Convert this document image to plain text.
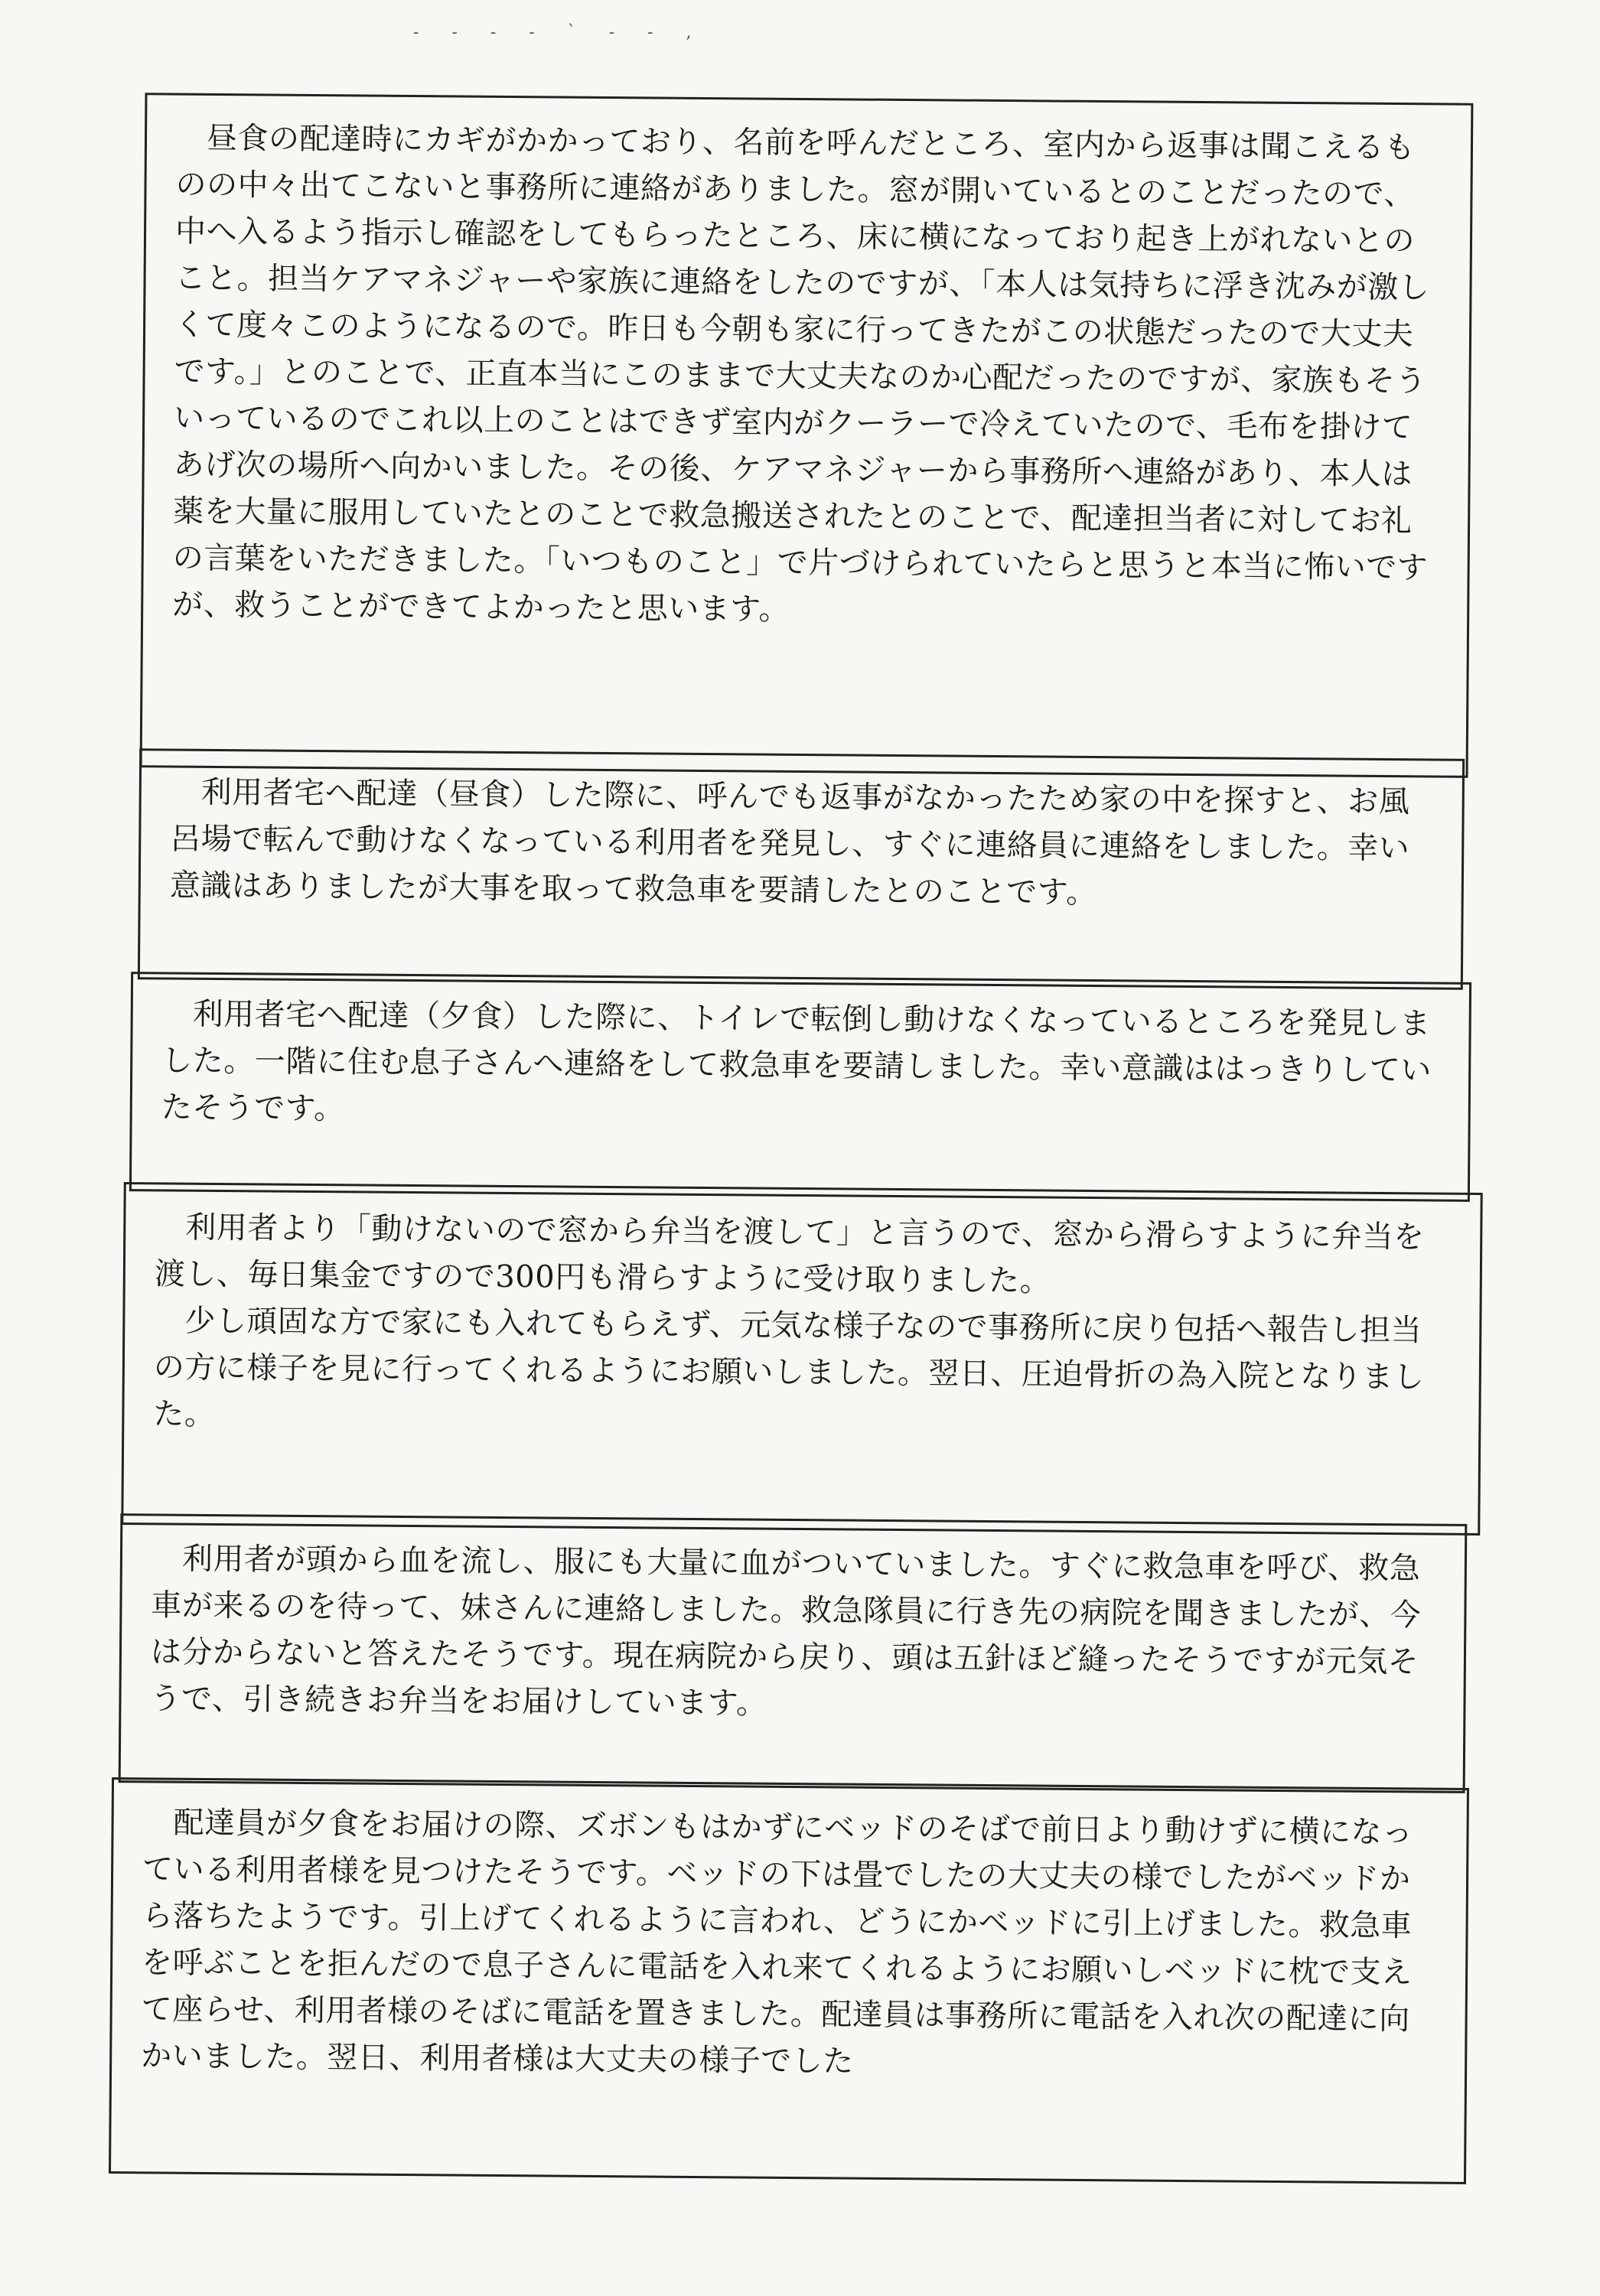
- - - - ` - - ,

昼食の配達時にカギがかかっており、名前を呼んだところ、室内から返事は聞こえるものの中々出てこないと事務所に連絡がありました。窓が開いているとのことだったので、中へ入るよう指示し確認をしてもらったところ、床に横になっており起き上がれないとのこと。担当ケアマネジャーや家族に連絡をしたのですが、「本人は気持ちに浮き沈みが激しくて度々このようになるので。昨日も今朝も家に行ってきたがこの状態だったので大丈夫です。」とのことで、正直本当にこのままで大丈夫なのか心配だったのですが、家族もそういっているのでこれ以上のことはできず室内がクーラーで冷えていたので、毛布を掛けてあげ次の場所へ向かいました。その後、ケアマネジャーから事務所へ連絡があり、本人は薬を大量に服用していたとのことで救急搬送されたとのことで、配達担当者に対してお礼の言葉をいただきました。「いつものこと」で片づけられていたらと思うと本当に怖いですが、救うことができてよかったと思います。

利用者宅へ配達（昼食）した際に、呼んでも返事がなかったため家の中を探すと、お風呂場で転んで動けなくなっている利用者を発見し、すぐに連絡員に連絡をしました。幸い意識はありましたが大事を取って救急車を要請したとのことです。

利用者宅へ配達（夕食）した際に、トイレで転倒し動けなくなっているところを発見しました。一階に住む息子さんへ連絡をして救急車を要請しました。幸い意識ははっきりしていたそうです。

利用者より「動けないので窓から弁当を渡して」と言うので、窓から滑らすように弁当を渡し、毎日集金ですので300円も滑らすように受け取りました。

少し頑固な方で家にも入れてもらえず、元気な様子なので事務所に戻り包括へ報告し担当の方に様子を見に行ってくれるようにお願いしました。翌日、圧迫骨折の為入院となりました。

利用者が頭から血を流し、服にも大量に血がついていました。すぐに救急車を呼び、救急車が来るのを待って、妹さんに連絡しました。救急隊員に行き先の病院を聞きましたが、今は分からないと答えたそうです。現在病院から戻り、頭は五針ほど縫ったそうですが元気そうで、引き続きお弁当をお届けしています。

配達員が夕食をお届けの際、ズボンもはかずにベッドのそばで前日より動けずに横になっている利用者様を見つけたそうです。ベッドの下は畳でしたの大丈夫の様でしたがベッドから落ちたようです。引上げてくれるように言われ、どうにかベッドに引上げました。救急車を呼ぶことを拒んだので息子さんに電話を入れ来てくれるようにお願いしベッドに枕で支えて座らせ、利用者様のそばに電話を置きました。配達員は事務所に電話を入れ次の配達に向かいました。翌日、利用者様は大丈夫の様子でした
